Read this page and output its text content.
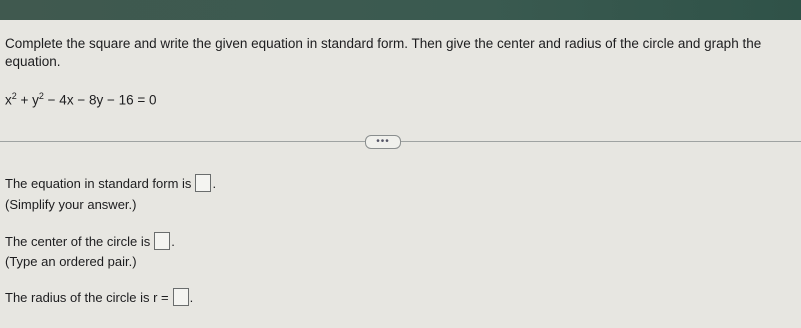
Complete the square and write the given equation in standard form. Then give the center and radius of the circle and graph the equation.

$x^2 + y^2 - 4x - 8y - 16 = 0$
•••
The equation in standard form is .
(Simplify your answer.)
The center of the circle is .
(Type an ordered pair.)
The radius of the circle is r = .
